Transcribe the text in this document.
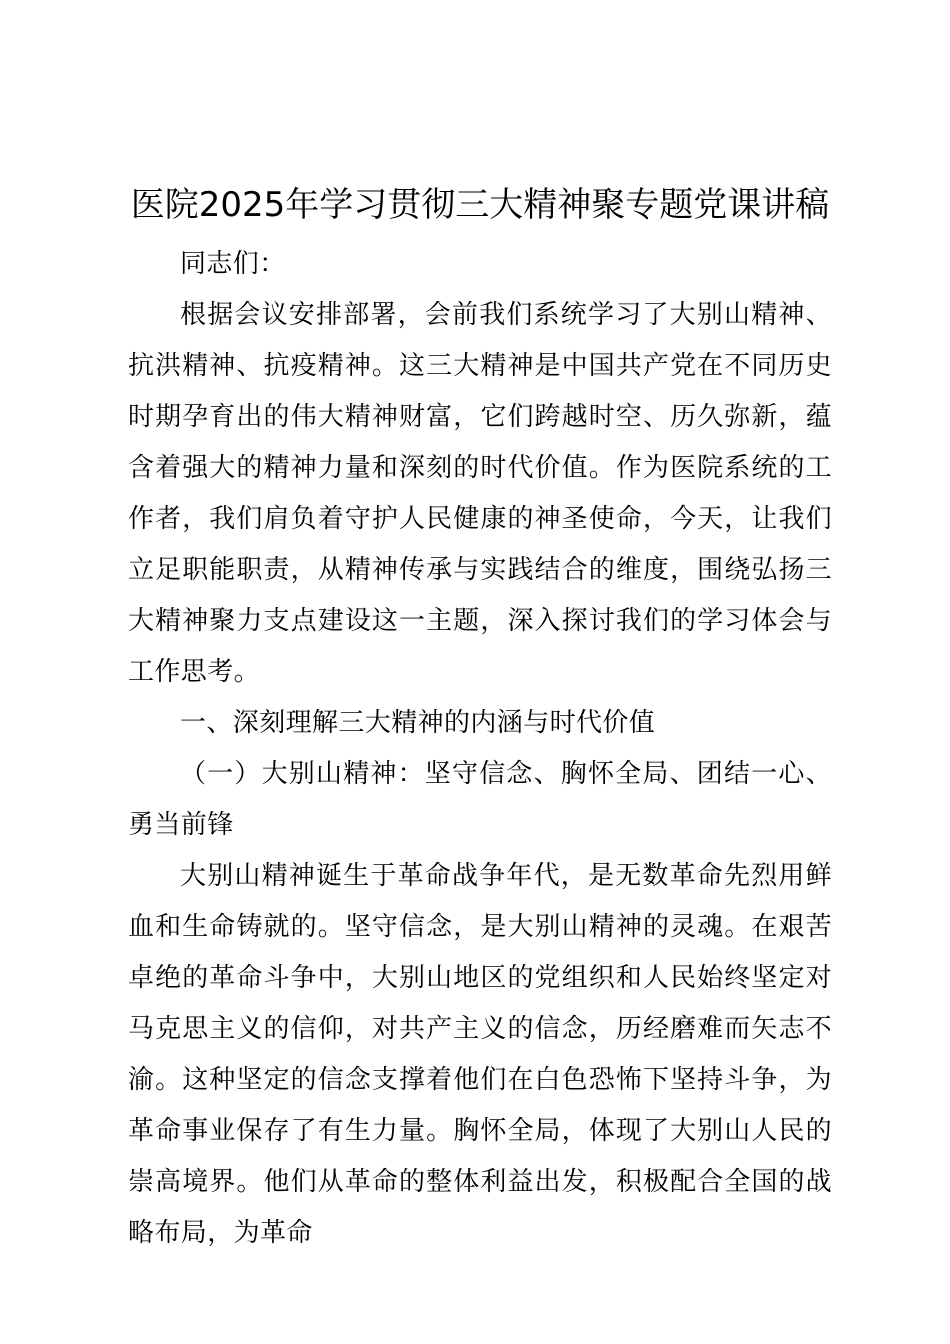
医院2025年学习贯彻三大精神聚专题党课讲稿

同志们：

根据会议安排部署，会前我们系统学习了大别山精神、抗洪精神、抗疫精神。这三大精神是中国共产党在不同历史时期孕育出的伟大精神财富，它们跨越时空、历久弥新，蕴含着强大的精神力量和深刻的时代价值。作为医院系统的工作者，我们肩负着守护人民健康的神圣使命，今天，让我们立足职能职责，从精神传承与实践结合的维度，围绕弘扬三大精神聚力支点建设这一主题，深入探讨我们的学习体会与工作思考。

一、深刻理解三大精神的内涵与时代价值

（一）大别山精神：坚守信念、胸怀全局、团结一心、勇当前锋

大别山精神诞生于革命战争年代，是无数革命先烈用鲜血和生命铸就的。坚守信念，是大别山精神的灵魂。在艰苦卓绝的革命斗争中，大别山地区的党组织和人民始终坚定对马克思主义的信仰，对共产主义的信念，历经磨难而矢志不渝。这种坚定的信念支撑着他们在白色恐怖下坚持斗争，为革命事业保存了有生力量。胸怀全局，体现了大别山人民的崇高境界。他们从革命的整体利益出发，积极配合全国的战略布局，为革命
